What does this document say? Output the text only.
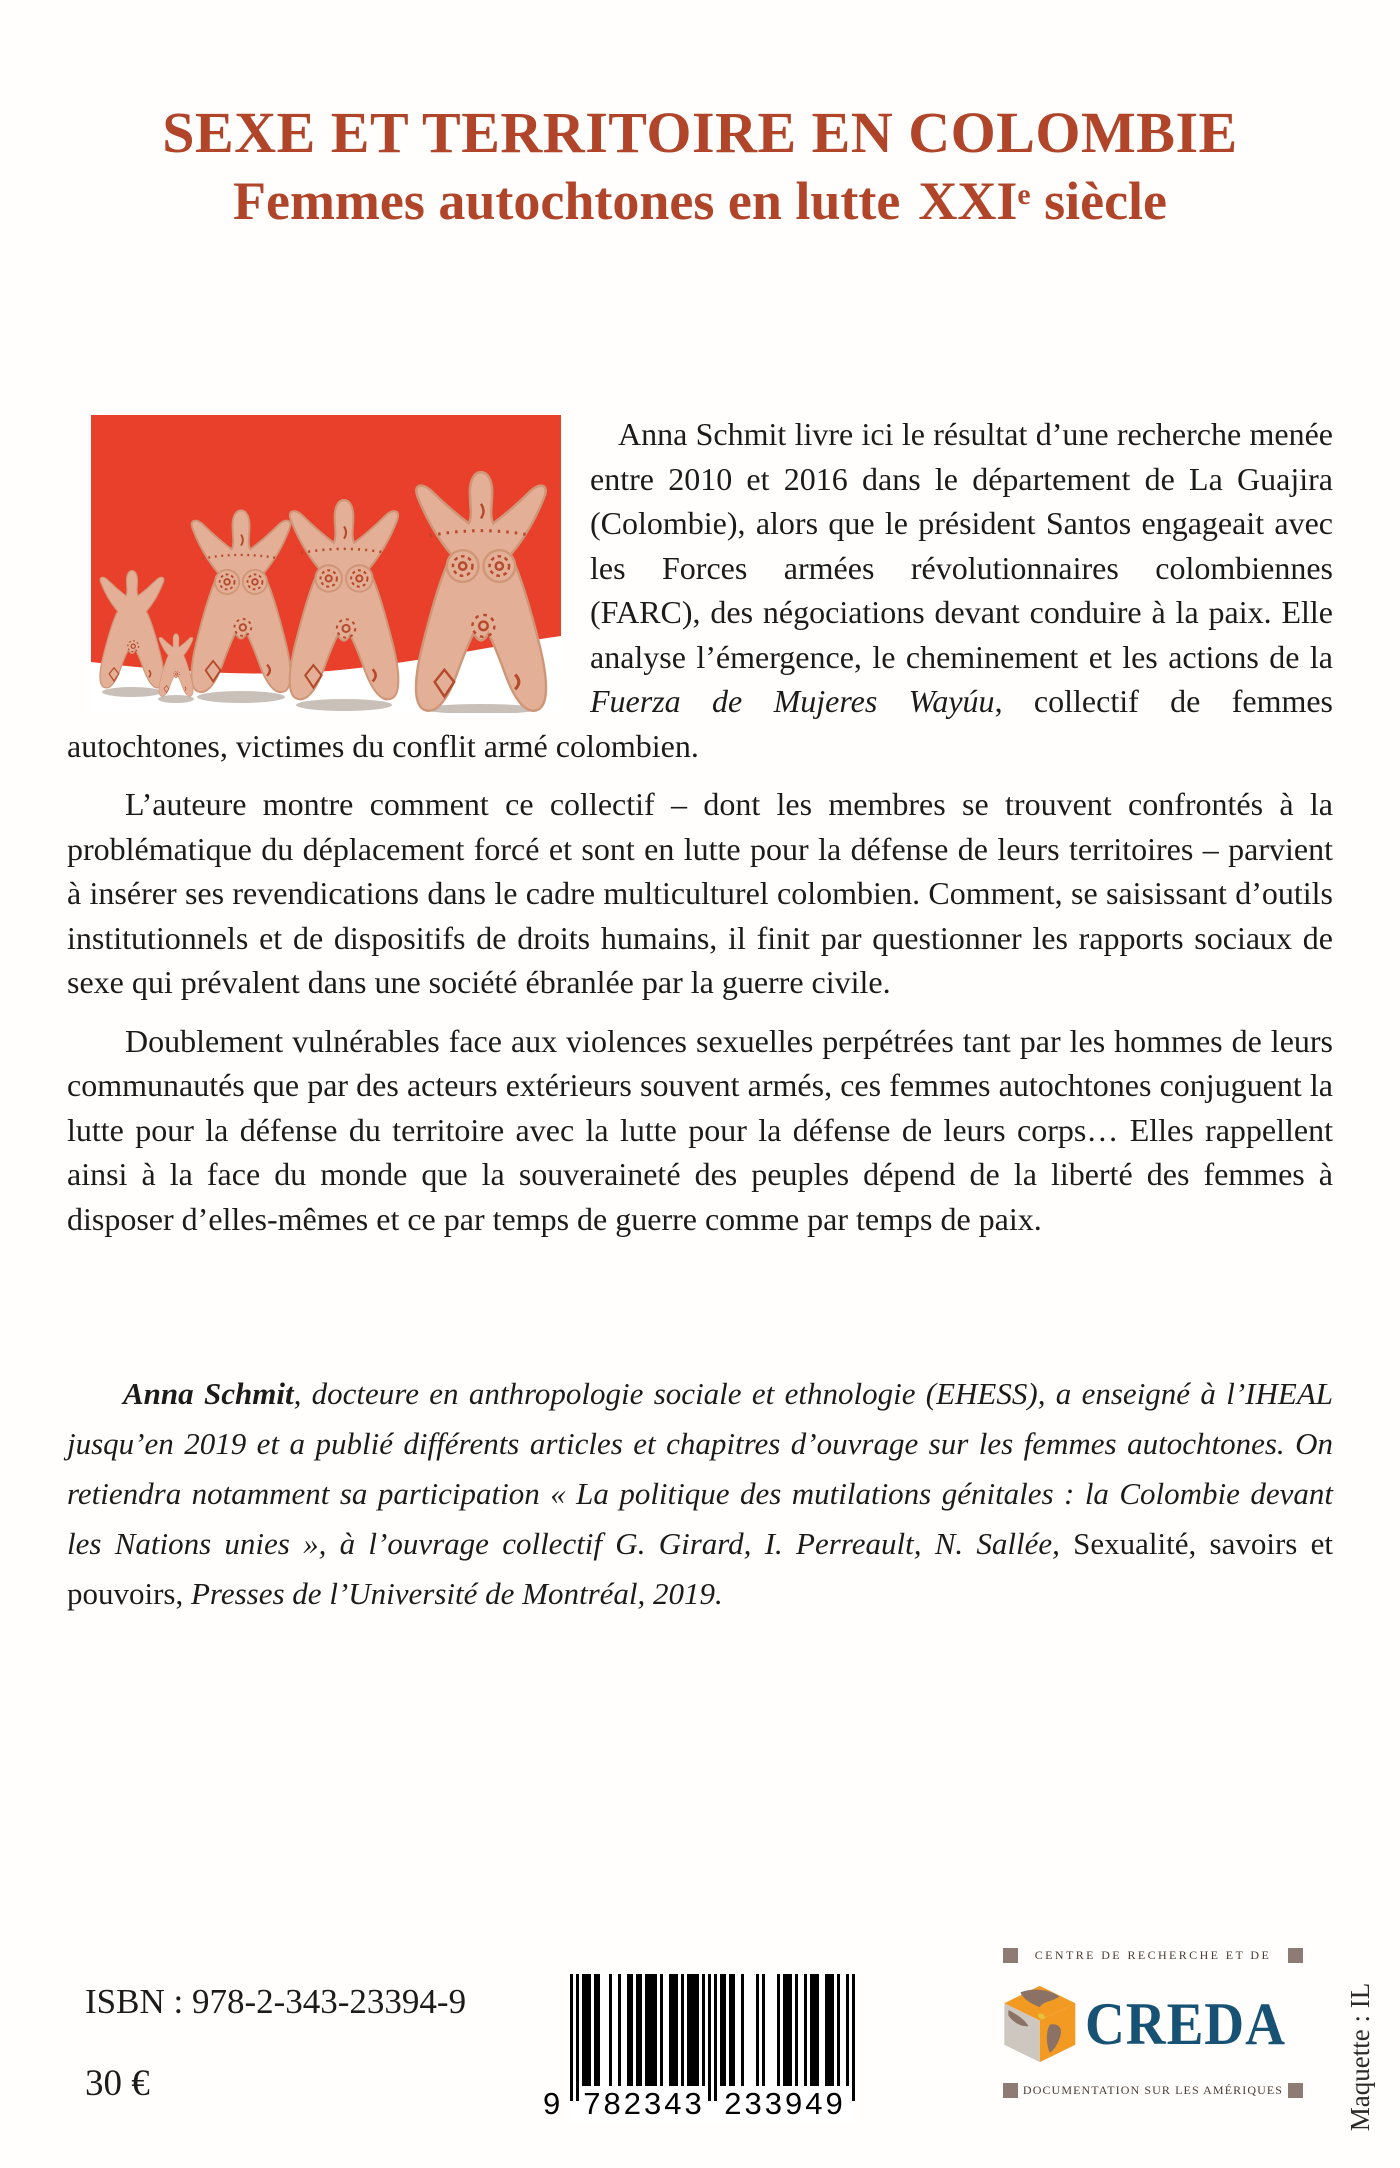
SEXE ET TERRITOIRE EN COLOMBIE
Femmes autochtones en lutte XXIe siècle

Anna Schmit livre ici le résultat d’une recherche menée entre 2010 et 2016 dans le département de La Guajira (Colombie), alors que le président Santos engageait avec les Forces armées révolutionnaires colombiennes (FARC), des négociations devant conduire à la paix. Elle analyse l’émergence, le cheminement et les actions de la Fuerza de Mujeres Wayúu, collectif de femmes autochtones, victimes du conflit armé colombien.

L’auteure montre comment ce collectif – dont les membres se trouvent confrontés à la problématique du déplacement forcé et sont en lutte pour la défense de leurs territoires – parvient à insérer ses revendications dans le cadre multiculturel colombien. Comment, se saisissant d’outils institutionnels et de dispositifs de droits humains, il finit par questionner les rapports sociaux de sexe qui prévalent dans une société ébranlée par la guerre civile.

Doublement vulnérables face aux violences sexuelles perpétrées tant par les hommes de leurs communautés que par des acteurs extérieurs souvent armés, ces femmes autochtones conjuguent la lutte pour la défense du territoire avec la lutte pour la défense de leurs corps… Elles rappellent ainsi à la face du monde que la souveraineté des peuples dépend de la liberté des femmes à disposer d’elles-mêmes et ce par temps de guerre comme par temps de paix.

Anna Schmit, docteure en anthropologie sociale et ethnologie (EHESS), a enseigné à l’IHEAL jusqu’en 2019 et a publié différents articles et chapitres d’ouvrage sur les femmes autochtones. On retiendra notamment sa participation « La politique des mutilations génitales : la Colombie devant les Nations unies », à l’ouvrage collectif G. Girard, I. Perreault, N. Sallée, Sexualité, savoirs et pouvoirs, Presses de l’Université de Montréal, 2019.

ISBN : 978-2-343-23394-9
30 €	9 782343 233949
CENTRE DE RECHERCHE ET DE
CREDA
DOCUMENTATION SUR LES AMÉRIQUES Maquette : IL
